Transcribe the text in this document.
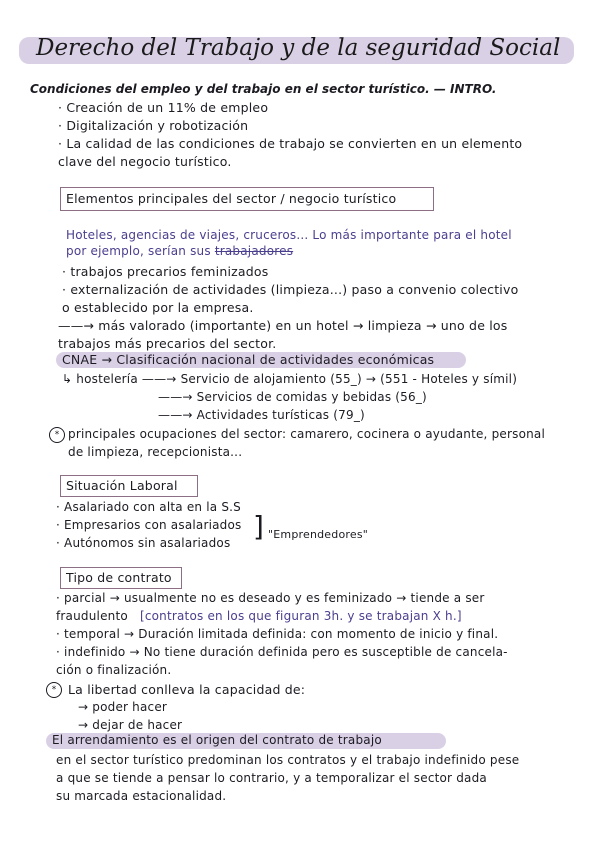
Derecho del Trabajo y de la seguridad Social
Condiciones del empleo y del trabajo en el sector turístico. — INTRO.
· Creación de un 11% de empleo
· Digitalización y robotización
· La calidad de las condiciones de trabajo se convierten en un elemento
clave del negocio turístico.
Elementos principales del sector / negocio turístico
Hoteles, agencias de viajes, cruceros... Lo más importante para el hotel
por ejemplo, serían sus trabajadores
· trabajos precarios feminizados
· externalización de actividades (limpieza...) paso a convenio colectivo
o establecido por la empresa.
——→ más valorado (importante) en un hotel → limpieza → uno de los
trabajos más precarios del sector.
CNAE → Clasificación nacional de actividades económicas
↳ hostelería ——→ Servicio de alojamiento (55_) → (551 - Hoteles y símil)
——→ Servicios de comidas y bebidas (56_)
——→ Actividades turísticas (79_)
* principales ocupaciones del sector: camarero, cocinera o ayudante, personal
de limpieza, recepcionista...
Situación Laboral
· Asalariado con alta en la S.S
· Empresarios con asalariados
· Autónomos sin asalariados ] "Emprendedores"
Tipo de contrato
· parcial → usualmente no es deseado y es feminizado → tiende a ser
fraudulento [contratos en los que figuran 3h. y se trabajan X h.]
· temporal → Duración limitada definida: con momento de inicio y final.
· indefinido → No tiene duración definida pero es susceptible de cancela-
ción o finalización.
* La libertad conlleva la capacidad de:
→ poder hacer
→ dejar de hacer
El arrendamiento es el origen del contrato de trabajo
en el sector turístico predominan los contratos y el trabajo indefinido pese
a que se tiende a pensar lo contrario, y a temporalizar el sector dada
su marcada estacionalidad.
